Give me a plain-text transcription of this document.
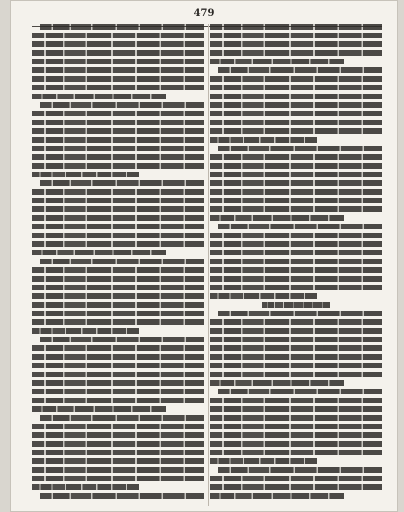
479
